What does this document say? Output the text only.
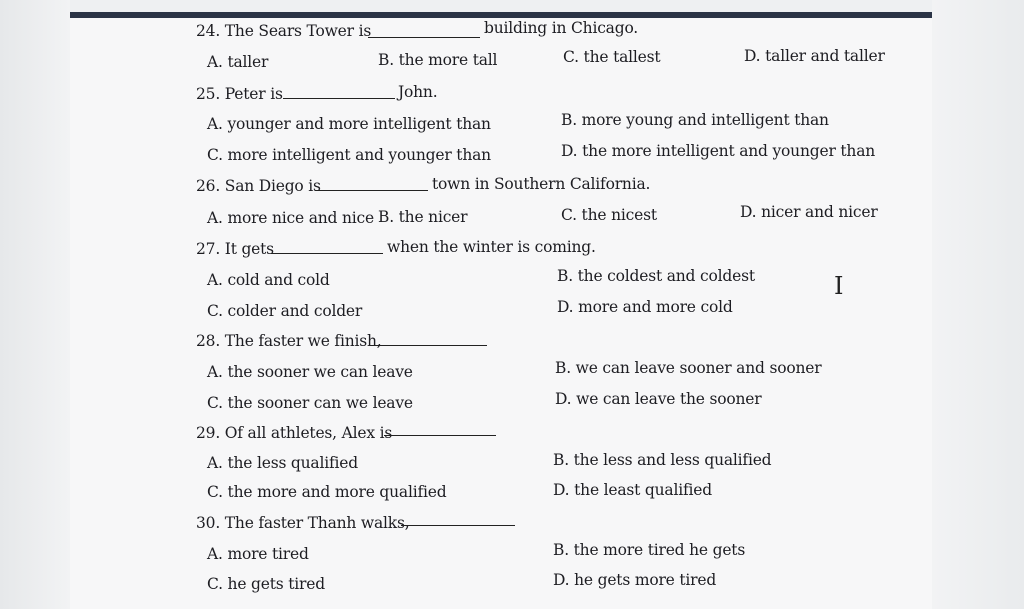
24. The Sears Tower is	building in Chicago.
A. taller	B. the more tall	C. the tallest	D. taller and taller
25. Peter is	John.
A. younger and more intelligent than	B. more young and intelligent than
C. more intelligent and younger than	D. the more intelligent and younger than
26. San Diego is	town in Southern California.
A. more nice and nice B. the nicer	C. the nicest	D. nicer and nicer
27. It gets	when the winter is coming.
A. cold and cold	B. the coldest and coldest
C. colder and colder	D. more and more cold
28. The faster we finish,
A. the sooner we can leave	B. we can leave sooner and sooner
C. the sooner can we leave	D. we can leave the sooner
29. Of all athletes, Alex is
A. the less qualified	B. the less and less qualified
C. the more and more qualified	D. the least qualified
30. The faster Thanh walks,
A. more tired	B. the more tired he gets
C. he gets tired	D. he gets more tired
I
